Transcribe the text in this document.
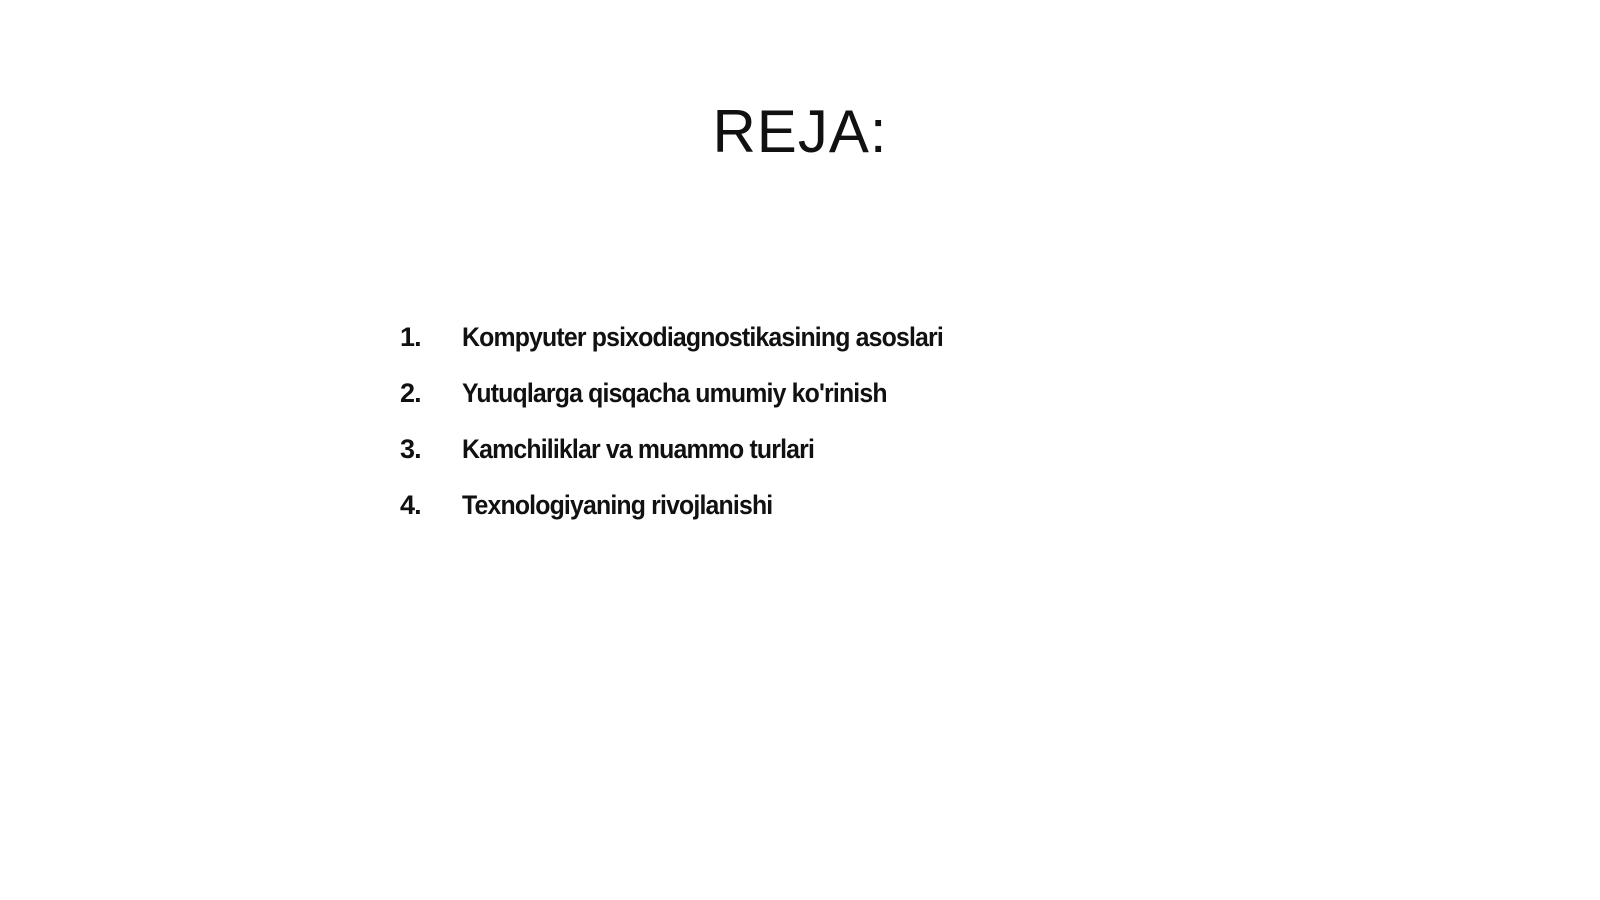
REJA:
1.	Kompyuter psixodiagnostikasining asoslari
2.	Yutuqlarga qisqacha umumiy ko'rinish
3.	Kamchiliklar va muammo turlari
4.	Texnologiyaning rivojlanishi
